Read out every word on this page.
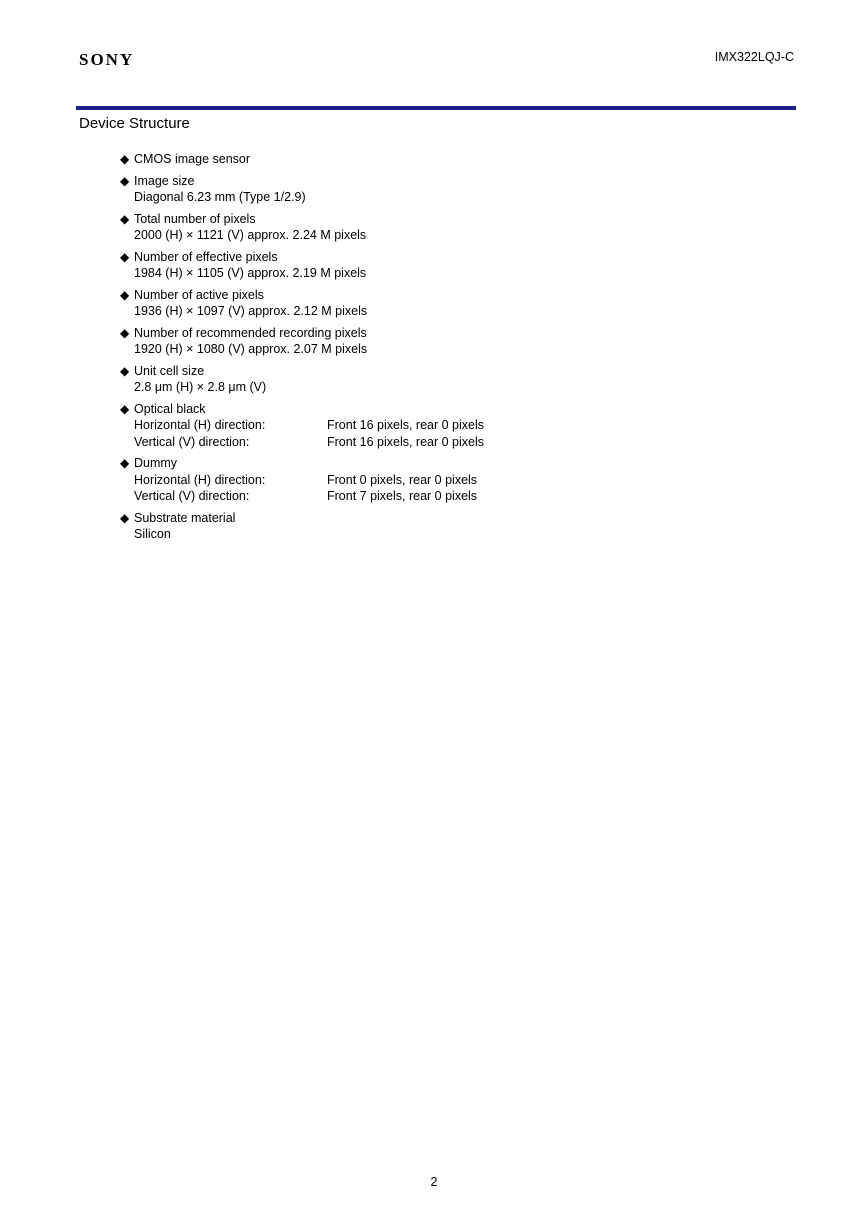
SONY	IMX322LQJ-C
Device Structure
◆ CMOS image sensor
◆ Image size
Diagonal 6.23 mm (Type 1/2.9)
◆ Total number of pixels
2000 (H) × 1121 (V) approx. 2.24 M pixels
◆ Number of effective pixels
1984 (H) × 1105 (V) approx. 2.19 M pixels
◆ Number of active pixels
1936 (H) × 1097 (V) approx. 2.12 M pixels
◆ Number of recommended recording pixels
1920 (H) × 1080 (V) approx. 2.07 M pixels
◆ Unit cell size
2.8 μm (H) × 2.8 μm (V)
◆ Optical black
Horizontal (H) direction:	Front 16 pixels, rear 0 pixels
Vertical (V) direction:	Front 16 pixels, rear 0 pixels
◆ Dummy
Horizontal (H) direction:	Front 0 pixels, rear 0 pixels
Vertical (V) direction:	Front 7 pixels, rear 0 pixels
◆ Substrate material
Silicon
2
